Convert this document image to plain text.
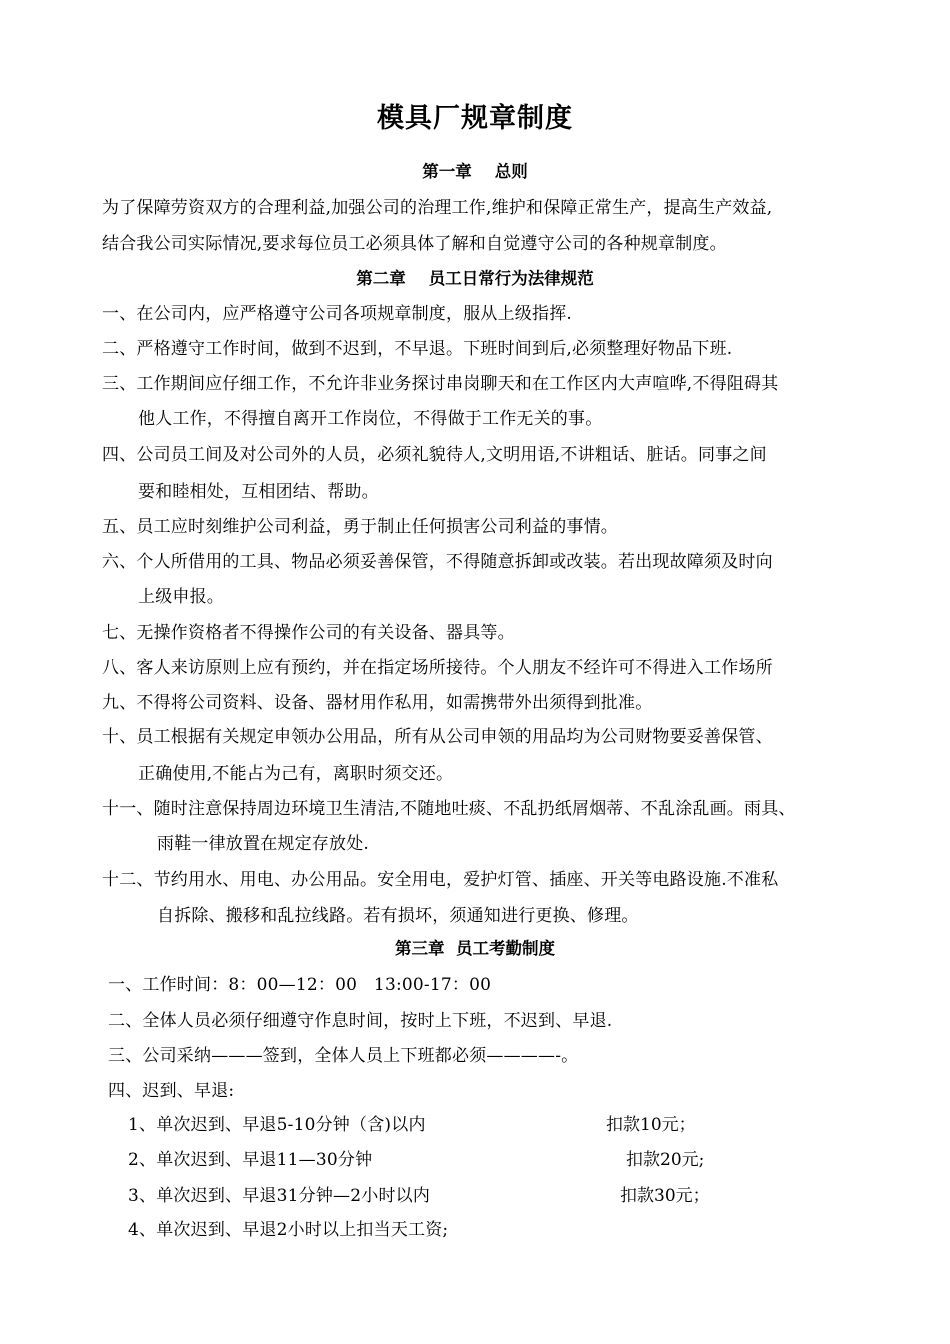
模具厂规章制度
第一章    总则
为了保障劳资双方的合理利益,加强公司的治理工作,维护和保障正常生产，提高生产效益,
结合我公司实际情况,要求每位员工必须具体了解和自觉遵守公司的各种规章制度。
第二章    员工日常行为法律规范
一、在公司内，应严格遵守公司各项规章制度，服从上级指挥.
二、严格遵守工作时间，做到不迟到，不早退。下班时间到后,必须整理好物品下班.
三、工作期间应仔细工作，不允许非业务探讨串岗聊天和在工作区内大声喧哗,不得阻碍其
他人工作，不得擅自离开工作岗位，不得做于工作无关的事。
四、公司员工间及对公司外的人员，必须礼貌待人,文明用语,不讲粗话、脏话。同事之间
要和睦相处，互相团结、帮助。
五、员工应时刻维护公司利益，勇于制止任何损害公司利益的事情。
六、个人所借用的工具、物品必须妥善保管，不得随意拆卸或改装。若出现故障须及时向
上级申报。
七、无操作资格者不得操作公司的有关设备、器具等。
八、客人来访原则上应有预约，并在指定场所接待。个人朋友不经许可不得进入工作场所
九、不得将公司资料、设备、器材用作私用，如需携带外出须得到批准。
十、员工根据有关规定申领办公用品，所有从公司申领的用品均为公司财物要妥善保管、
正确使用,不能占为己有，离职时须交还。
十一、随时注意保持周边环境卫生清洁,不随地吐痰、不乱扔纸屑烟蒂、不乱涂乱画。雨具、
雨鞋一律放置在规定存放处.
十二、节约用水、用电、办公用品。安全用电，爱护灯管、插座、开关等电路设施.不准私
自拆除、搬移和乱拉线路。若有损坏，须通知进行更换、修理。
第三章  员工考勤制度
一、工作时间：8：00—12：00   13:00-17：00
二、全体人员必须仔细遵守作息时间，按时上下班，不迟到、早退.
三、公司采纳———签到，全体人员上下班都必须————-。
四、迟到、早退:
1、单次迟到、早退5-10分钟（含)以内	扣款10元；
2、单次迟到、早退11—30分钟	扣款20元;
3、单次迟到、早退31分钟—2小时以内	扣款30元；
4、单次迟到、早退2小时以上扣当天工资;
